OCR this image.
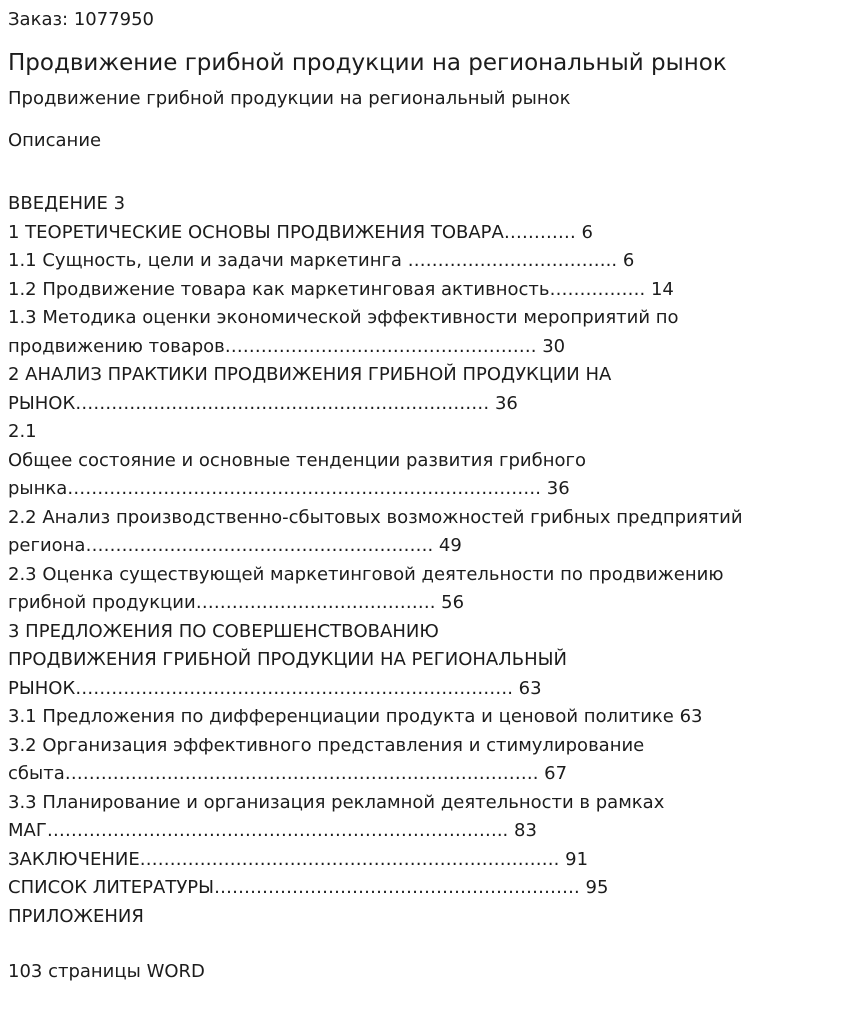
Заказ: 1077950

Продвижение грибной продукции на региональный рынок

Продвижение грибной продукции на региональный рынок

Описание

ВВЕДЕНИЕ 3
1 ТЕОРЕТИЧЕСКИЕ ОСНОВЫ ПРОДВИЖЕНИЯ ТОВАРА………… 6
1.1 Сущность, цели и задачи маркетинга …………………………….. 6
1.2 Продвижение товара как маркетинговая активность……………. 14
1.3 Методика оценки экономической эффективности мероприятий по
продвижению товаров……………………………………………. 30
2 АНАЛИЗ ПРАКТИКИ ПРОДВИЖЕНИЯ ГРИБНОЙ ПРОДУКЦИИ НА
РЫНОК…………………………………………………………… 36
2.1
Общее состояние и основные тенденции развития грибного
рынка……………………………………………………………………. 36
2.2 Анализ производственно-сбытовых возможностей грибных предприятий
региона…………………………………………………. 49
2.3 Оценка существующей маркетинговой деятельности по продвижению
грибной продукции…………………………………. 56
3 ПРЕДЛОЖЕНИЯ ПО СОВЕРШЕНСТВОВАНИЮ
ПРОДВИЖЕНИЯ ГРИБНОЙ ПРОДУКЦИИ НА РЕГИОНАЛЬНЫЙ
РЫНОК………………………………………………………………. 63
3.1 Предложения по дифференциации продукта и ценовой политике 63
3.2 Организация эффективного представления и стимулирование
сбыта……………………………………………………………………. 67
3.3 Планирование и организация рекламной деятельности в рамках
МАГ………………………………………………………………….. 83
ЗАКЛЮЧЕНИЕ……………………………………………………………. 91
СПИСОК ЛИТЕРАТУРЫ……………………………………………………. 95
ПРИЛОЖЕНИЯ

103 страницы WORD
